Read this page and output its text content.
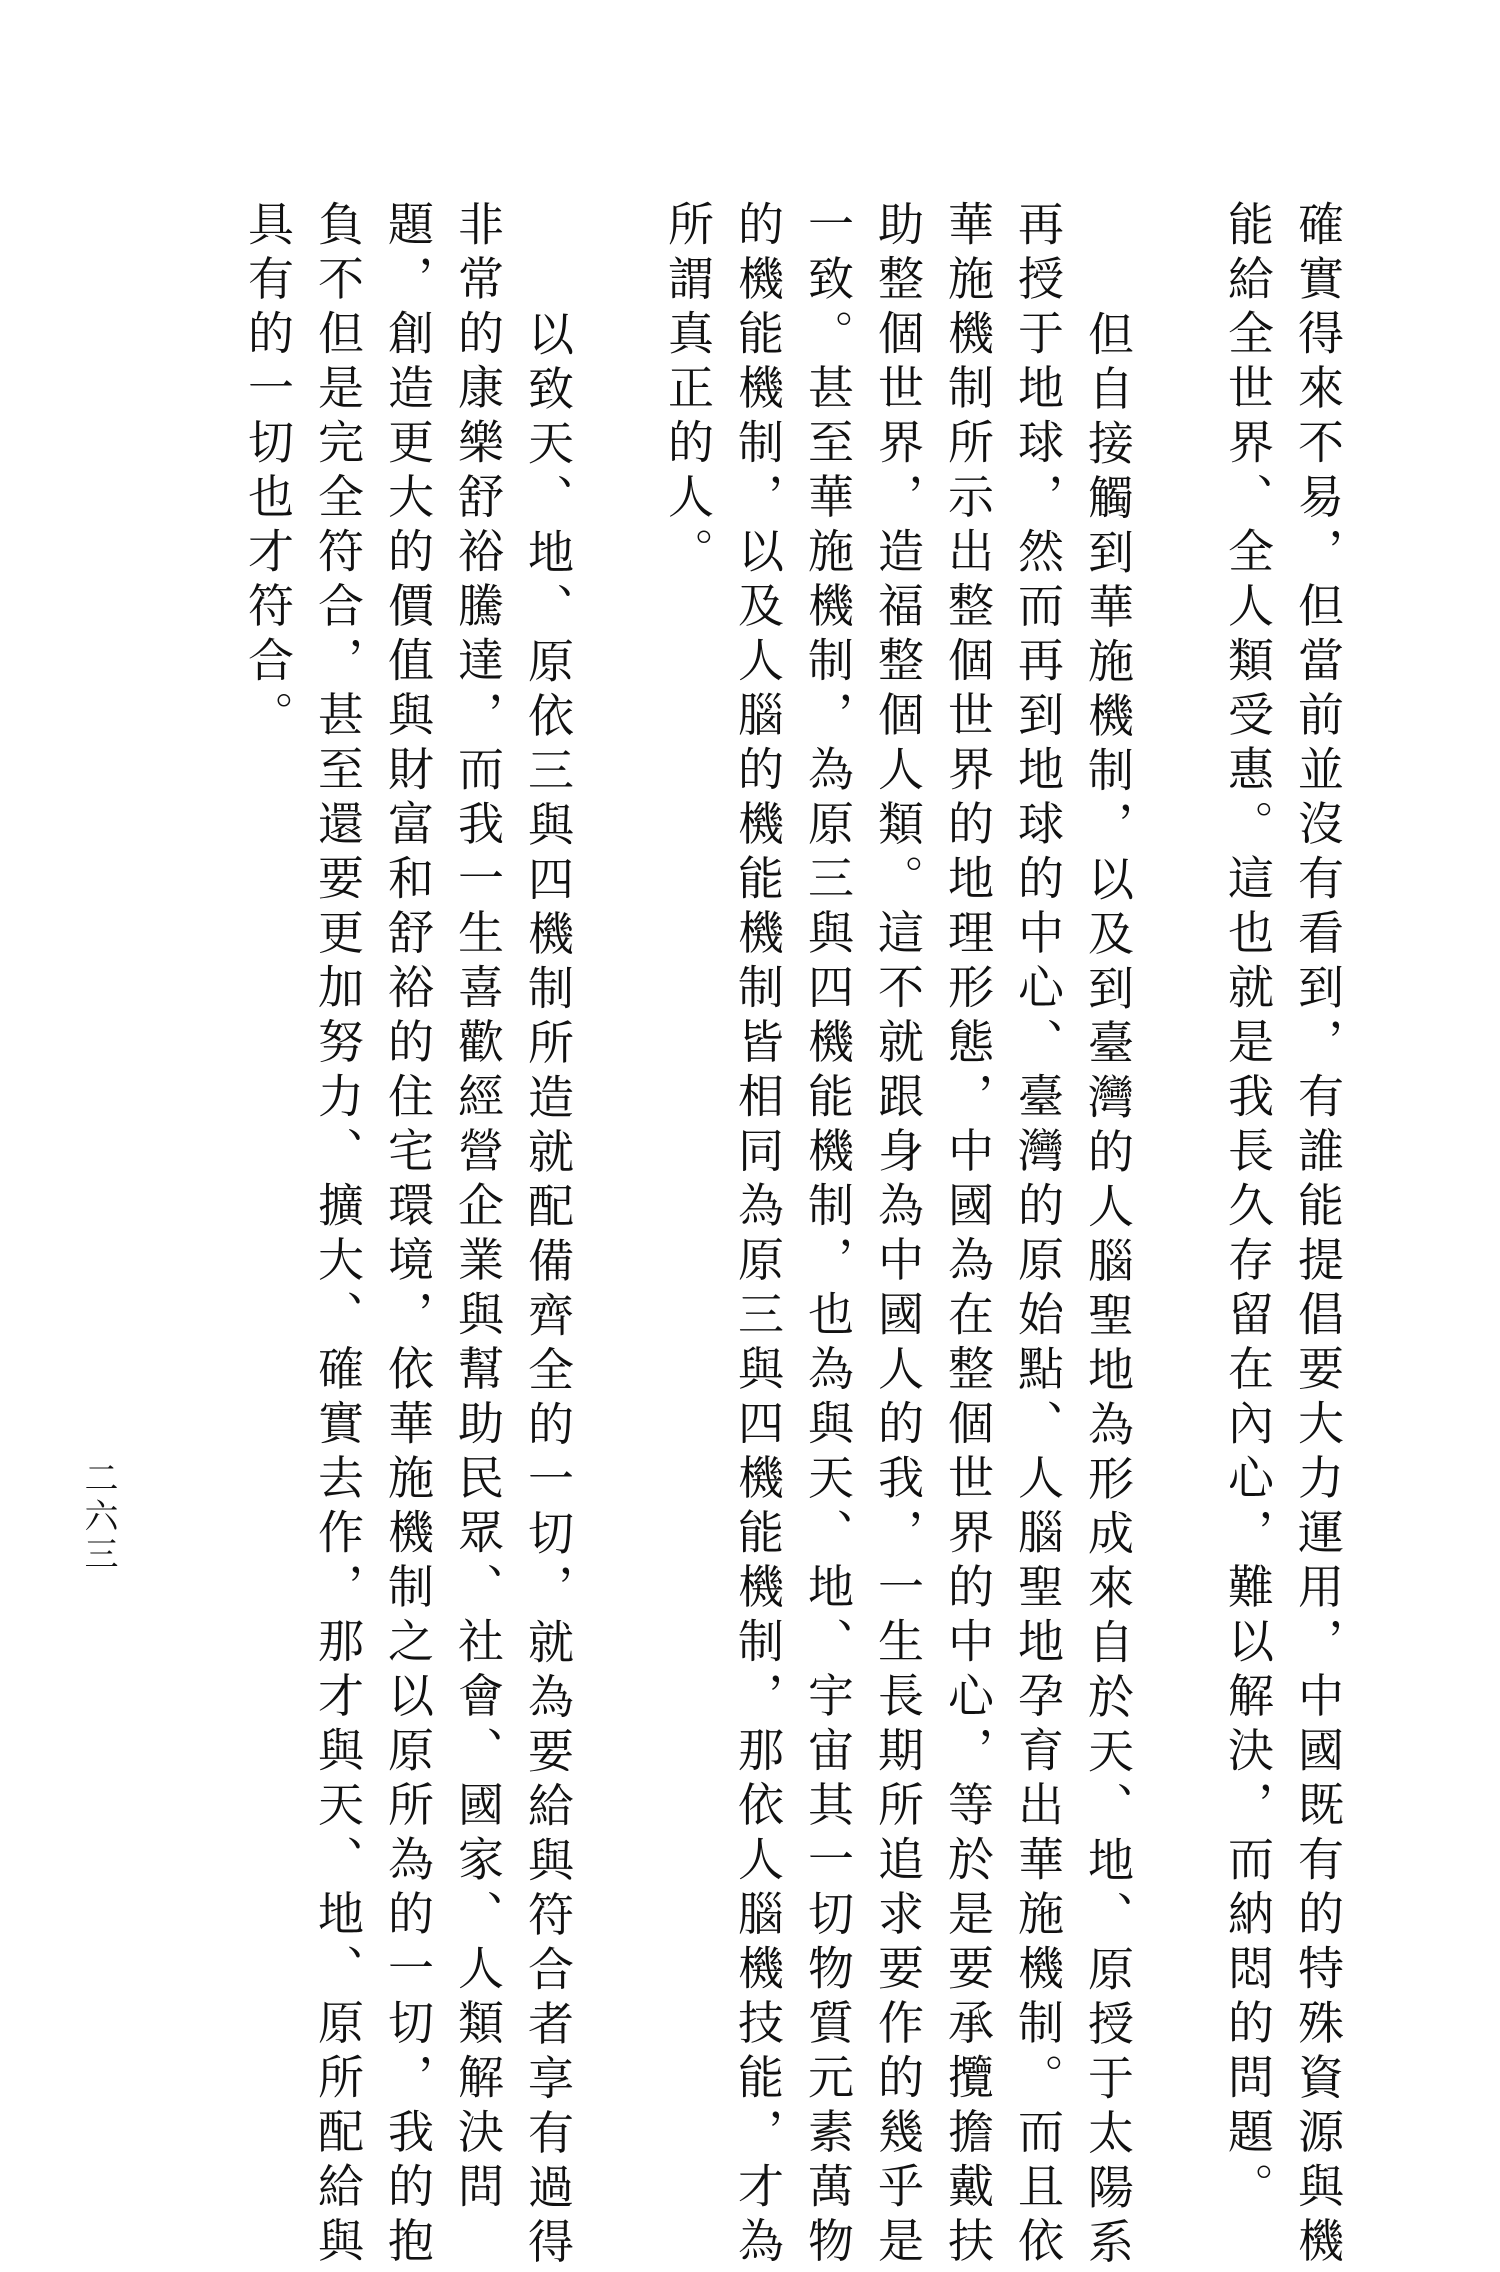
確實得來不易，但當前並沒有看到，有誰能提倡要大力運用，中國既有的特殊資源與機
能給全世界、全人類受惠。這也就是我長久存留在內心，難以解決，而納悶的問題。
但自接觸到華施機制，以及到臺灣的人腦聖地為形成來自於天、地、原授于太陽系
再授于地球，然而再到地球的中心、臺灣的原始點、人腦聖地孕育出華施機制。而且依
華施機制所示出整個世界的地理形態，中國為在整個世界的中心，等於是要承攬擔戴扶
助整個世界，造福整個人類。這不就跟身為中國人的我，一生長期所追求要作的幾乎是
一致。甚至華施機制，為原三與四機能機制，也為與天、地、宇宙其一切物質元素萬物
的機能機制，以及人腦的機能機制皆相同為原三與四機能機制，那依人腦機技能，才為
所謂真正的人。
以致天、地、原依三與四機制所造就配備齊全的一切，就為要給與符合者享有過得
非常的康樂舒裕騰達，而我一生喜歡經營企業與幫助民眾、社會、國家、人類解決問
題，創造更大的價值與財富和舒裕的住宅環境，依華施機制之以原所為的一切，我的抱
負不但是完全符合，甚至還要更加努力、擴大、確實去作，那才與天、地、原所配給與
具有的一切也才符合。
二六三
